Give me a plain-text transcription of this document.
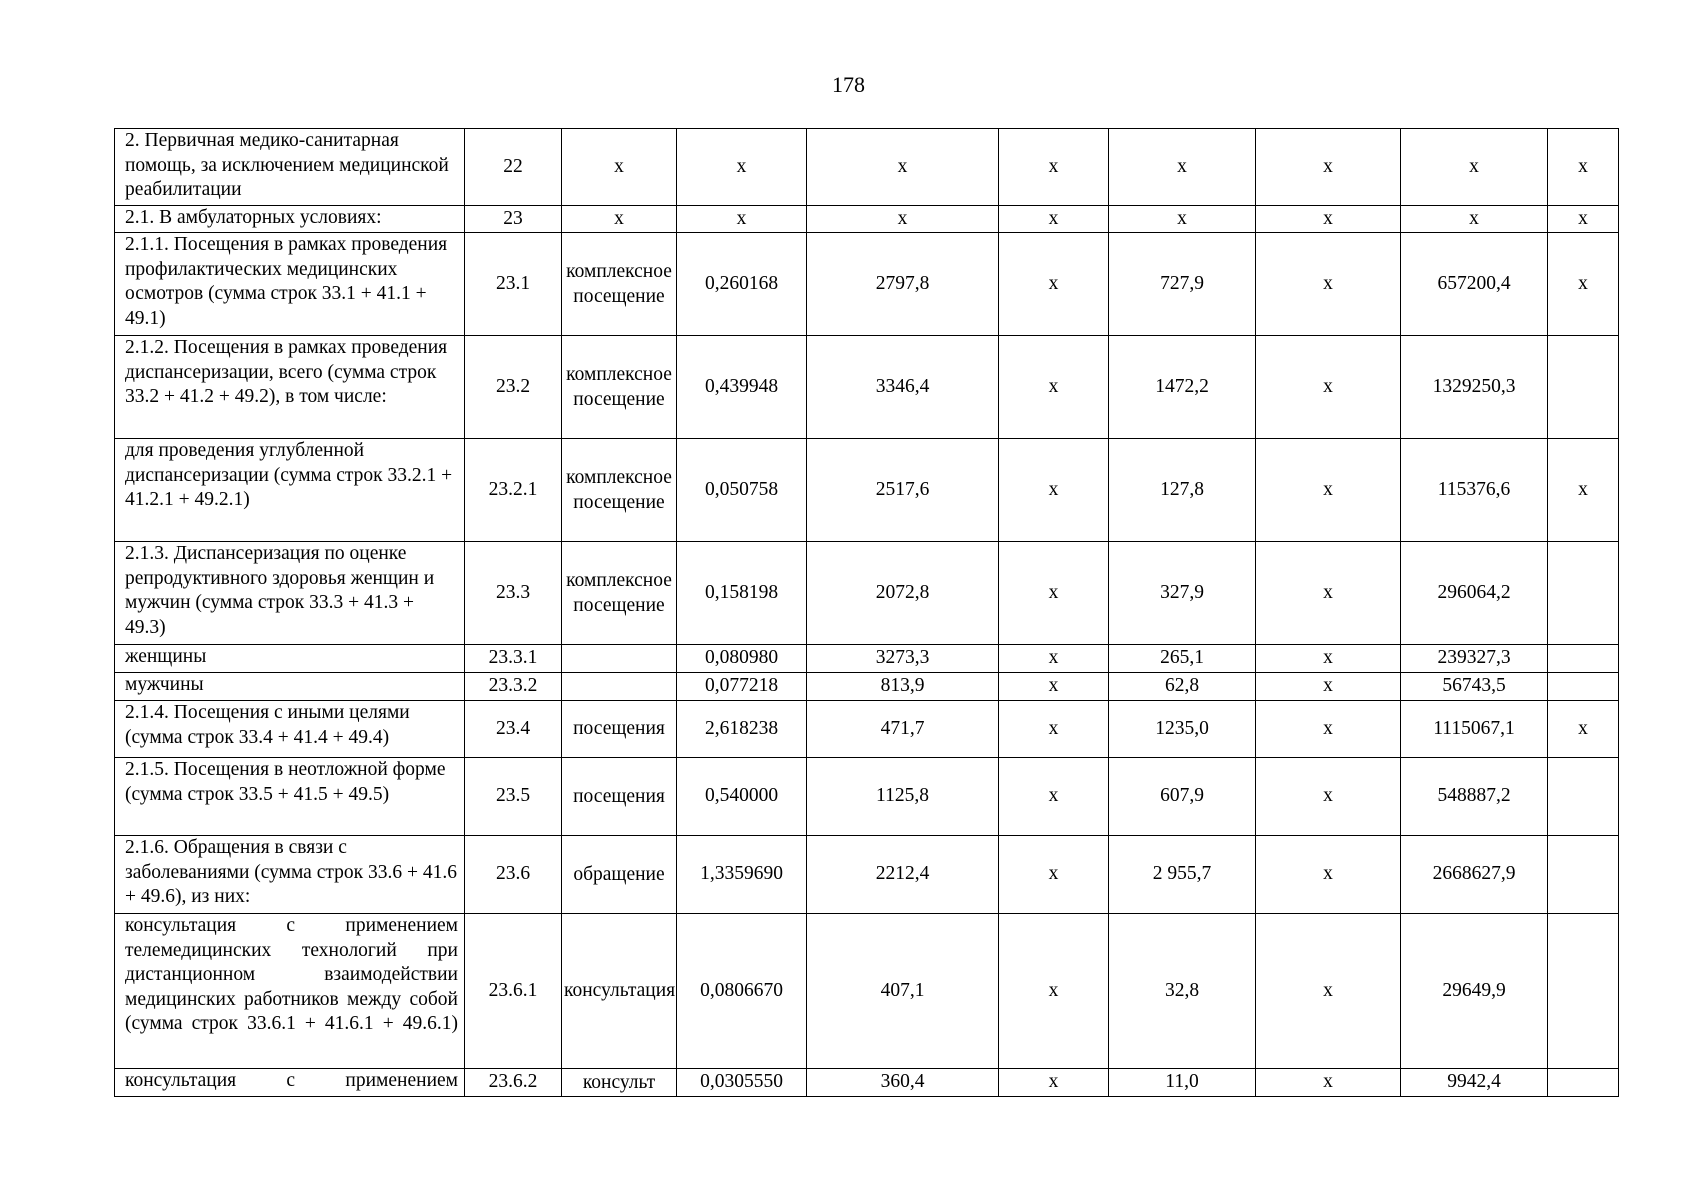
178
2. Первичная медико-санитарная помощь, за исключением медицинской реабилитации	22	х	х	х	х	х	х	х	х
2.1. В амбулаторных условиях:	23	х	х	х	х	х	х	х	х
2.1.1. Посещения в рамках проведения профилактических медицинских осмотров (сумма строк 33.1 + 41.1 + 49.1)	23.1	комплексное посещение	0,260168	2797,8	х	727,9	х	657200,4	х
2.1.2. Посещения в рамках проведения диспансеризации, всего (сумма строк 33.2 + 41.2 + 49.2), в том числе:	23.2	комплексное посещение	0,439948	3346,4	х	1472,2	х	1329250,3	
для проведения углубленной диспансеризации (сумма строк 33.2.1 + 41.2.1 + 49.2.1)	23.2.1	комплексное посещение	0,050758	2517,6	х	127,8	х	115376,6	х
2.1.3. Диспансеризация по оценке репродуктивного здоровья женщин и мужчин (сумма строк 33.3 + 41.3 + 49.3)	23.3	комплексное посещение	0,158198	2072,8	х	327,9	х	296064,2	
женщины	23.3.1		0,080980	3273,3	х	265,1	х	239327,3	
мужчины	23.3.2		0,077218	813,9	х	62,8	х	56743,5	
2.1.4. Посещения с иными целями (сумма строк 33.4 + 41.4 + 49.4)	23.4	посещения	2,618238	471,7	х	1235,0	х	1115067,1	х
2.1.5. Посещения в неотложной форме (сумма строк 33.5 + 41.5 + 49.5)	23.5	посещения	0,540000	1125,8	х	607,9	х	548887,2	
2.1.6. Обращения в связи с заболеваниями (сумма строк 33.6 + 41.6 + 49.6), из них:	23.6	обращение	1,3359690	2212,4	х	2 955,7	х	2668627,9	
консультация с применением телемедицинских технологий при дистанционном взаимодействии медицинских работников между собой (сумма строк 33.6.1 + 41.6.1 + 49.6.1)	23.6.1	консультация	0,0806670	407,1	х	32,8	х	29649,9	
консультация с применением	23.6.2	консульт	0,0305550	360,4	х	11,0	х	9942,4	
